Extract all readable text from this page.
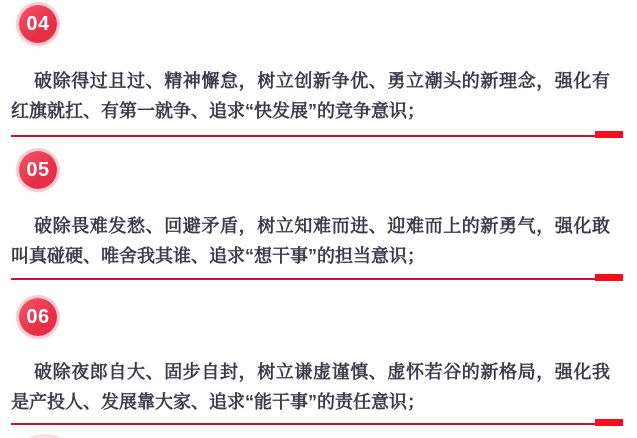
04
破除得过且过、精神懈怠，树立创新争优、勇立潮头的新理念，强化有
红旗就扛、有第一就争、追求“快发展”的竞争意识；
05
破除畏难发愁、回避矛盾，树立知难而进、迎难而上的新勇气，强化敢
叫真碰硬、唯舍我其谁、追求“想干事”的担当意识；
06
破除夜郎自大、固步自封，树立谦虚谨慎、虚怀若谷的新格局，强化我
是产投人、发展靠大家、追求“能干事”的责任意识；
